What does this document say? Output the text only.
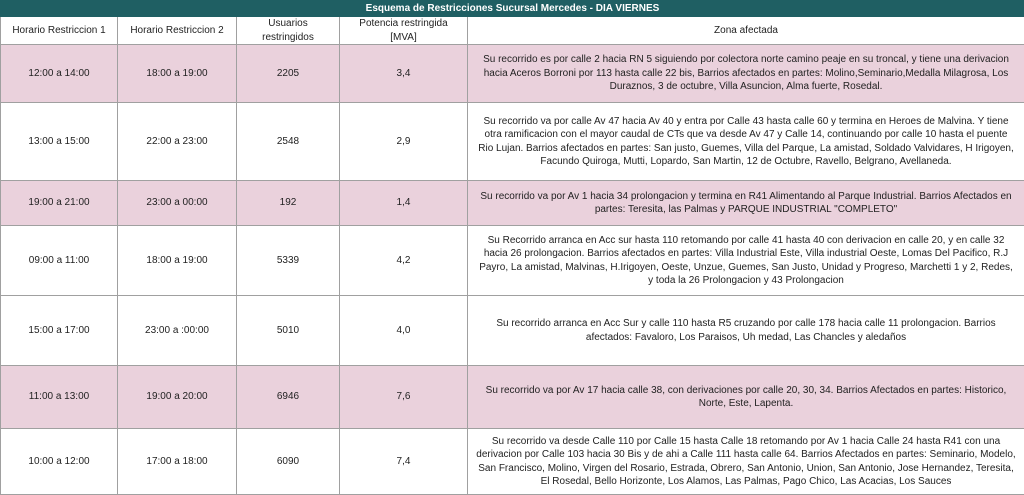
Esquema de Restricciones Sucursal Mercedes - DIA VIERNES				
Horario Restriccion 1	Horario Restriccion 2	Usuarios restringidos	Potencia restringida [MVA]	Zona afectada
12:00 a 14:00	18:00 a 19:00	2205	3,4	Su recorrido es por calle 2 hacia RN 5 siguiendo por colectora norte camino peaje en su troncal, y tiene una derivacion hacia Aceros Borroni por 113 hasta calle 22 bis, Barrios afectados en partes: Molino,Seminario,Medalla Milagrosa, Los Duraznos, 3 de octubre, Villa Asuncion, Alma fuerte, Rosedal.
13:00 a 15:00	22:00 a 23:00	2548	2,9	Su recorrido va por calle Av 47 hacia Av 40 y entra por Calle 43 hasta calle 60 y termina en Heroes de Malvina. Y tiene otra ramificacion con el mayor caudal de CTs que va desde Av 47 y Calle 14, continuando por calle 10 hasta el puente Rio Lujan. Barrios afectados en partes: San justo, Guemes, Villa del Parque, La amistad, Soldado Valvidares, H Irigoyen, Facundo Quiroga, Mutti, Lopardo, San Martin, 12 de Octubre, Ravello, Belgrano, Avellaneda.
19:00 a 21:00	23:00 a 00:00	192	1,4	Su recorrido va por Av 1 hacia 34 prolongacion y termina en R41 Alimentando al Parque Industrial. Barrios Afectados en partes: Teresita, las Palmas y PARQUE INDUSTRIAL "COMPLETO"
09:00 a 11:00	18:00 a 19:00	5339	4,2	Su Recorrido arranca en Acc sur hasta 110 retomando por calle 41 hasta 40 con derivacion en calle 20, y en calle 32 hacia 26 prolongacion. Barrios afectados en partes: Villa Industrial Este, Villa industrial Oeste, Lomas Del Pacifico, R.J Payro, La amistad, Malvinas, H.Irigoyen, Oeste, Unzue, Guemes, San Justo, Unidad y Progreso, Marchetti 1 y 2, Redes, y toda la 26 Prolongacion y 43 Prolongacion
15:00 a 17:00	23:00 a :00:00	5010	4,0	Su recorrido arranca en Acc Sur y calle 110 hasta R5 cruzando por calle 178 hacia calle 11 prolongacion. Barrios afectados: Favaloro, Los Paraisos, Uh medad, Las Chancles y aledaños
11:00 a 13:00	19:00 a 20:00	6946	7,6	Su recorrido va por Av 17 hacia calle 38, con derivaciones por calle 20, 30, 34. Barrios Afectados en partes: Historico, Norte, Este, Lapenta.
10:00 a 12:00	17:00 a 18:00	6090	7,4	Su recorrido va desde Calle 110 por Calle 15 hasta Calle 18 retomando por Av 1 hacia Calle 24 hasta R41 con una derivacion por Calle 103 hacia 30 Bis y de ahi a Calle 111 hasta calle 64. Barrios Afectados en partes: Seminario, Modelo, San Francisco, Molino, Virgen del Rosario, Estrada, Obrero, San Antonio, Union, San Antonio, Jose Hernandez, Teresita, El Rosedal, Bello Horizonte, Los Alamos, Las Palmas, Pago Chico, Las Acacias, Los Sauces
